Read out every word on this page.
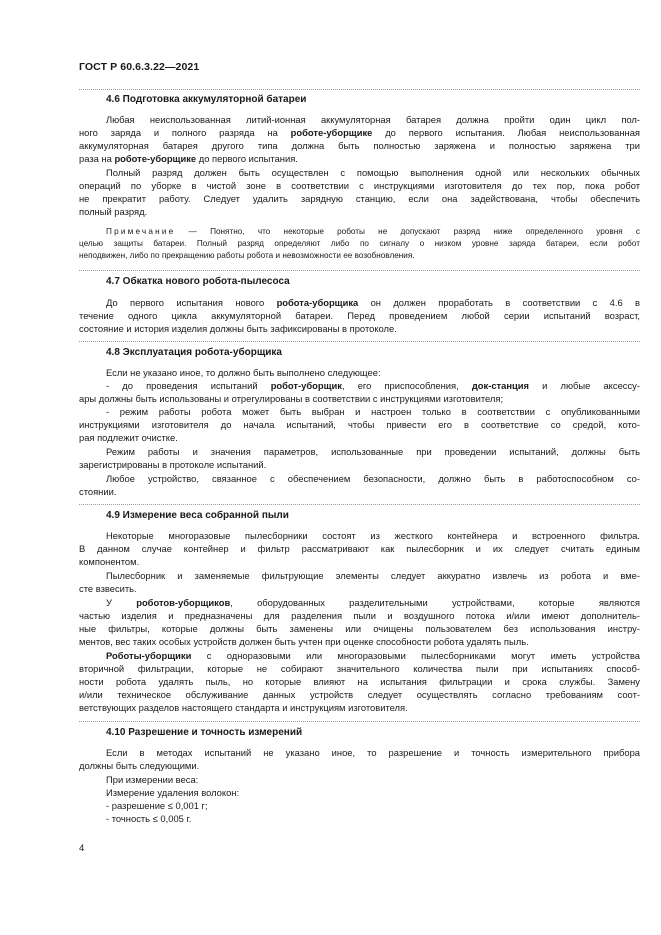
ГОСТ Р 60.6.3.22—2021
4.6 Подготовка аккумуляторной батареи
Любая неиспользованная литий-ионная аккумуляторная батарея должна пройти один цикл пол-
ного заряда и полного разряда на роботе-уборщике до первого испытания. Любая неиспользованная
аккумуляторная батарея другого типа должна быть полностью заряжена и полностью заряжена три
раза на роботе-уборщике до первого испытания.
Полный разряд должен быть осуществлен с помощью выполнения одной или нескольких обычных
операций по уборке в чистой зоне в соответствии с инструкциями изготовителя до тех пор, пока робот
не прекратит работу. Следует удалить зарядную станцию, если она задействована, чтобы обеспечить
полный разряд.
Примечание — Понятно, что некоторые роботы не допускают разряд ниже определенного уровня с
целью защиты батареи. Полный разряд определяют либо по сигналу о низком уровне заряда батареи, если робот
неподвижен, либо по прекращению работы робота и невозможности ее возобновления.
4.7 Обкатка нового робота-пылесоса
До первого испытания нового робота-уборщика он должен проработать в соответствии с 4.6 в
течение одного цикла аккумуляторной батареи. Перед проведением любой серии испытаний возраст,
состояние и история изделия должны быть зафиксированы в протоколе.
4.8 Эксплуатация робота-уборщика
Если не указано иное, то должно быть выполнено следующее:
- до проведения испытаний робот-уборщик, его приспособления, док-станция и любые аксессу-
ары должны быть использованы и отрегулированы в соответствии с инструкциями изготовителя;
- режим работы робота может быть выбран и настроен только в соответствии с опубликованными
инструкциями изготовителя до начала испытаний, чтобы привести его в соответствие со средой, кото-
рая подлежит очистке.
Режим работы и значения параметров, использованные при проведении испытаний, должны быть
зарегистрированы в протоколе испытаний.
Любое устройство, связанное с обеспечением безопасности, должно быть в работоспособном со-
стоянии.
4.9 Измерение веса собранной пыли
Некоторые многоразовые пылесборники состоят из жесткого контейнера и встроенного фильтра.
В данном случае контейнер и фильтр рассматривают как пылесборник и их следует считать единым
компонентом.
Пылесборник и заменяемые фильтрующие элементы следует аккуратно извлечь из робота и вме-
сте взвесить.
У роботов-уборщиков, оборудованных разделительными устройствами, которые являются
частью изделия и предназначены для разделения пыли и воздушного потока и/или имеют дополнитель-
ные фильтры, которые должны быть заменены или очищены пользователем без использования инстру-
ментов, вес таких особых устройств должен быть учтен при оценке способности робота удалять пыль.
Роботы-уборщики с одноразовыми или многоразовыми пылесборниками могут иметь устройства
вторичной фильтрации, которые не собирают значительного количества пыли при испытаниях способ-
ности робота удалять пыль, но которые влияют на испытания фильтрации и срока службы. Замену
и/или техническое обслуживание данных устройств следует осуществлять согласно требованиям соот-
ветствующих разделов настоящего стандарта и инструкциям изготовителя.
4.10 Разрешение и точность измерений
Если в методах испытаний не указано иное, то разрешение и точность измерительного прибора
должны быть следующими.
При измерении веса:
Измерение удаления волокон:
- разрешение ≤ 0,001 г;
- точность ≤ 0,005 г.
4
